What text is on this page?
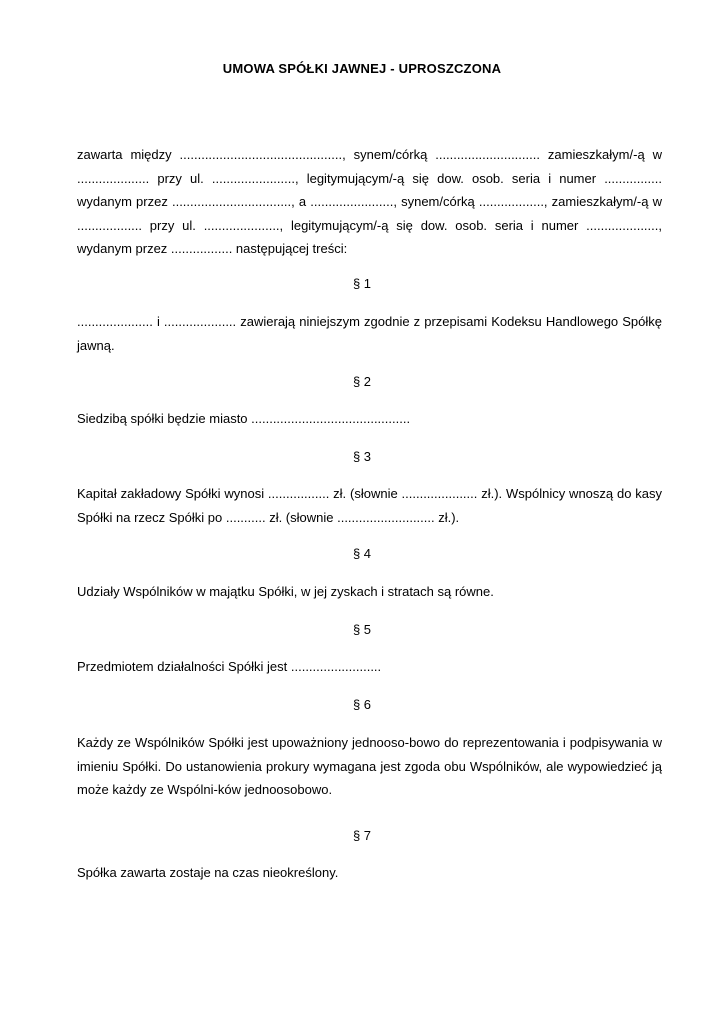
UMOWA SPÓŁKI JAWNEJ - UPROSZCZONA

zawarta między ............................................., synem/córką ............................. zamieszkałym/-ą w .................... przy ul. ......................., legitymującym/-ą się dow. osob. seria i numer ................ wydanym przez ................................., a ......................., synem/córką .................., zamieszkałym/-ą w .................. przy ul. ....................., legitymującym/-ą się dow. osob. seria i numer ...................., wydanym przez ................. następującej treści:

§ 1

..................... i .................... zawierają niniejszym zgodnie z przepisami Kodeksu Handlowego Spółkę jawną.

§ 2

Siedzibą spółki będzie miasto ............................................

§ 3

Kapitał zakładowy Spółki wynosi ................. zł. (słownie ..................... zł.). Wspólnicy wnoszą do kasy Spółki na rzecz Spółki po ........... zł. (słownie ........................... zł.).

§ 4

Udziały Wspólników w majątku Spółki, w jej zyskach i stratach są równe.

§ 5

Przedmiotem działalności Spółki jest .........................

§ 6

Każdy ze Wspólników Spółki jest upoważniony jednooso-bowo do reprezentowania i podpisywania w imieniu Spółki. Do ustanowienia prokury wymagana jest zgoda obu Wspólników, ale wypowiedzieć ją może każdy ze Wspólni-ków jednoosobowo.

§ 7

Spółka zawarta zostaje na czas nieokreślony.
